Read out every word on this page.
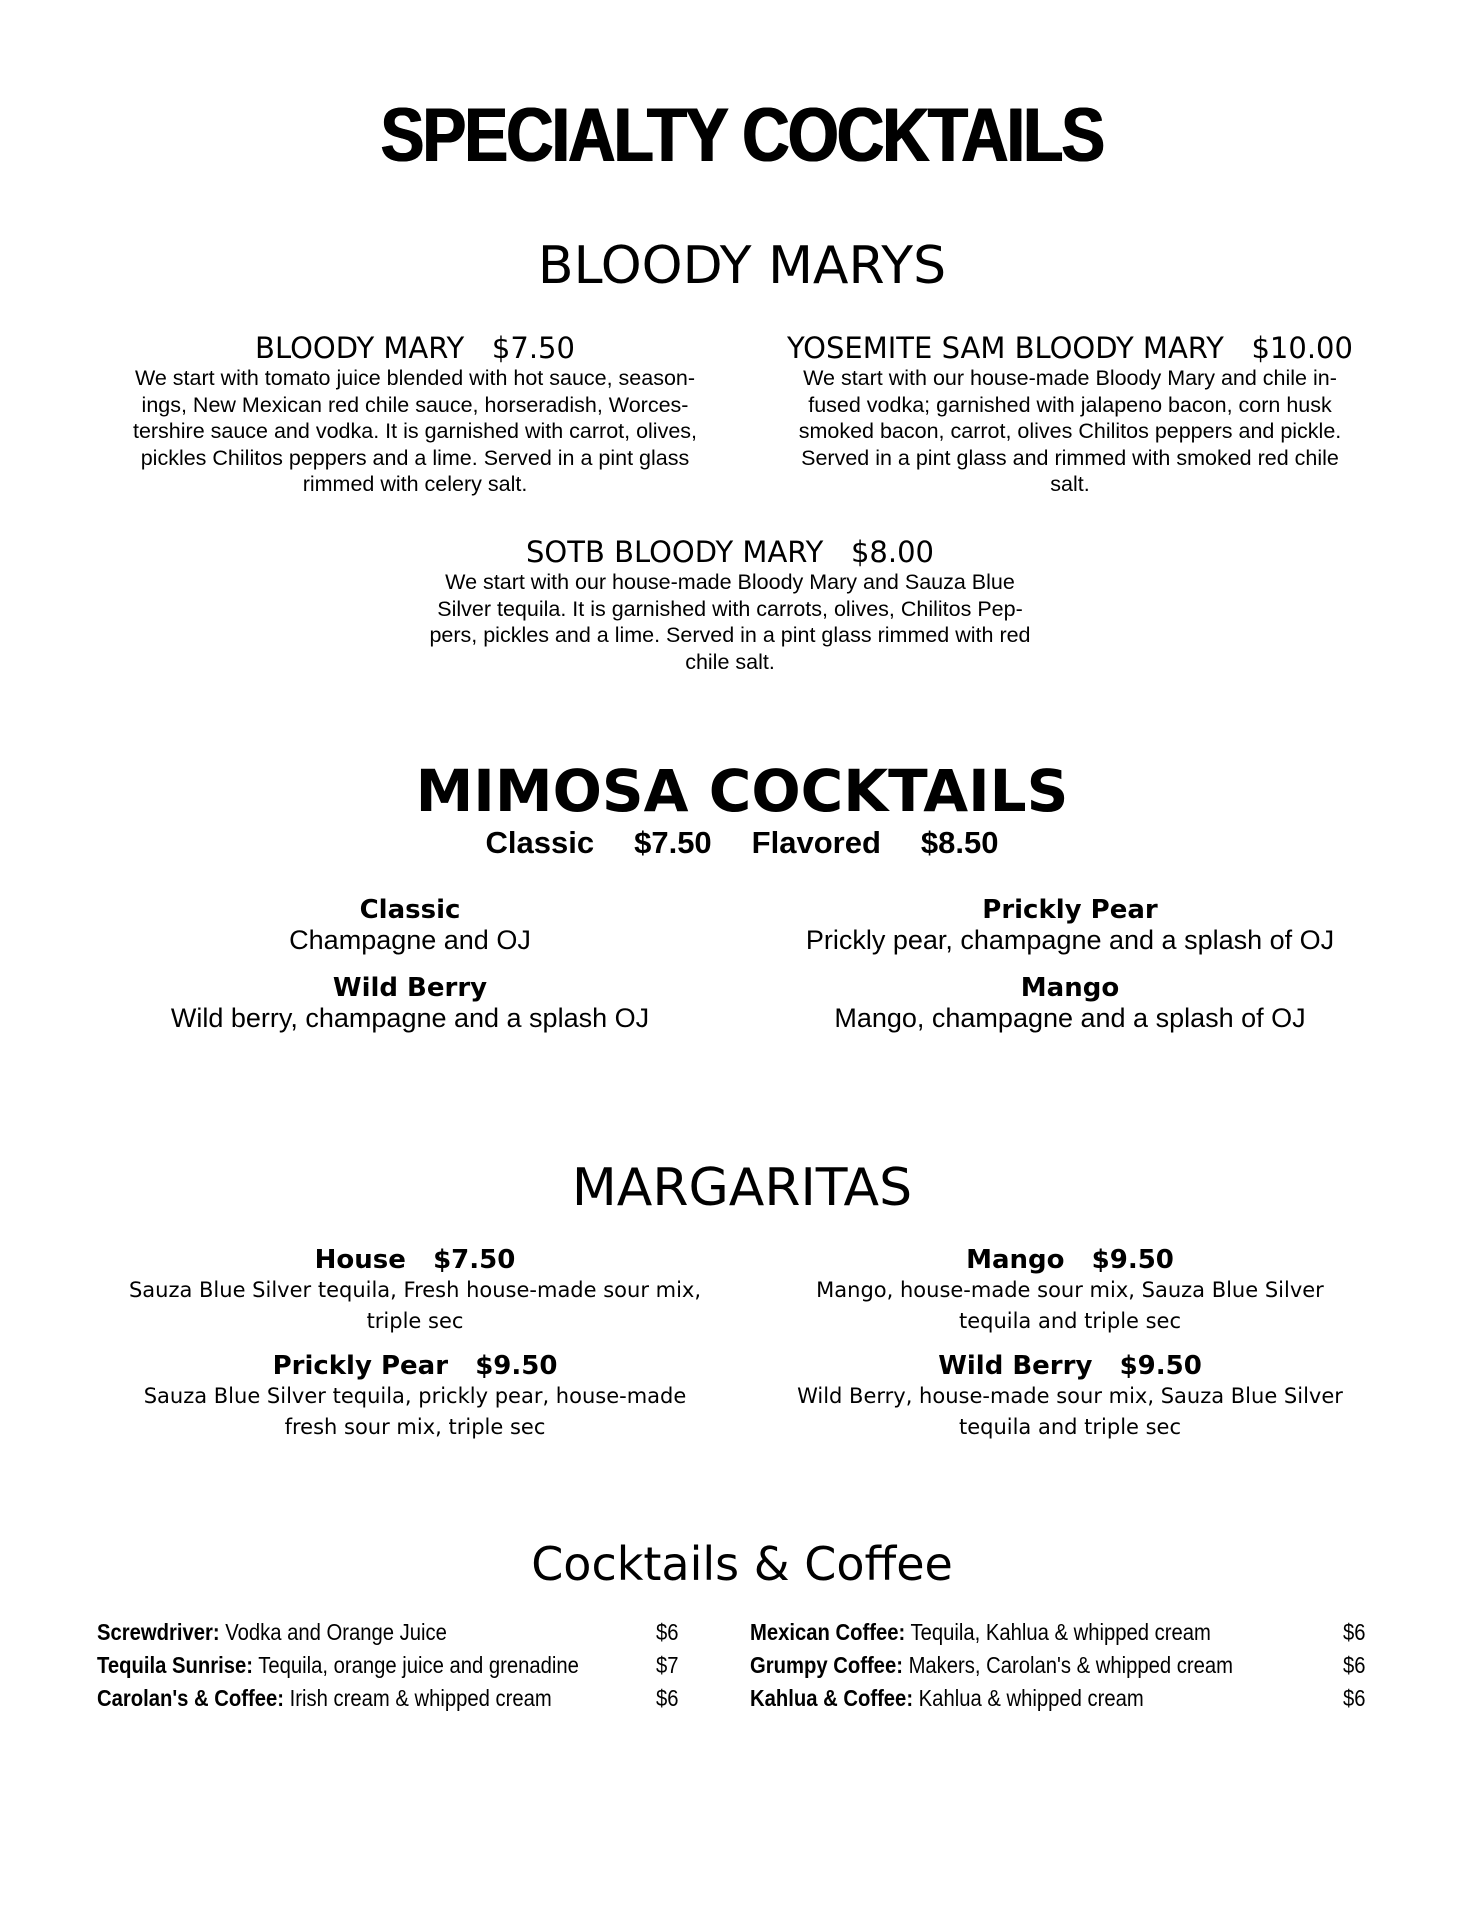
SPECIALTY COCKTAILS
BLOODY MARYS
BLOODY MARY $7.50
We start with tomato juice blended with hot sauce, season-
ings, New Mexican red chile sauce, horseradish, Worces-
tershire sauce and vodka. It is garnished with carrot, olives,
pickles Chilitos peppers and a lime. Served in a pint glass
rimmed with celery salt.
YOSEMITE SAM BLOODY MARY $10.00
We start with our house-made Bloody Mary and chile in-
fused vodka; garnished with jalapeno bacon, corn husk
smoked bacon, carrot, olives Chilitos peppers and pickle.
Served in a pint glass and rimmed with smoked red chile
salt.
SOTB BLOODY MARY $8.00
We start with our house-made Bloody Mary and Sauza Blue
Silver tequila. It is garnished with carrots, olives, Chilitos Pep-
pers, pickles and a lime. Served in a pint glass rimmed with red
chile salt.
MIMOSA COCKTAILS
Classic $7.50 Flavored $8.50
Classic
Champagne and OJ
Prickly Pear
Prickly pear, champagne and a splash of OJ
Wild Berry
Wild berry, champagne and a splash OJ
Mango
Mango, champagne and a splash of OJ
MARGARITAS
House $7.50
Sauza Blue Silver tequila, Fresh house-made sour mix,
triple sec
Mango $9.50
Mango, house-made sour mix, Sauza Blue Silver
tequila and triple sec
Prickly Pear $9.50
Sauza Blue Silver tequila, prickly pear, house-made
fresh sour mix, triple sec
Wild Berry $9.50
Wild Berry, house-made sour mix, Sauza Blue Silver
tequila and triple sec
Cocktails & Coffee
Screwdriver: Vodka and Orange Juice	$6
Tequila Sunrise: Tequila, orange juice and grenadine	$7
Carolan's & Coffee: Irish cream & whipped cream	$6
Mexican Coffee: Tequila, Kahlua & whipped cream	$6
Grumpy Coffee: Makers, Carolan's & whipped cream	$6
Kahlua & Coffee: Kahlua & whipped cream	$6
